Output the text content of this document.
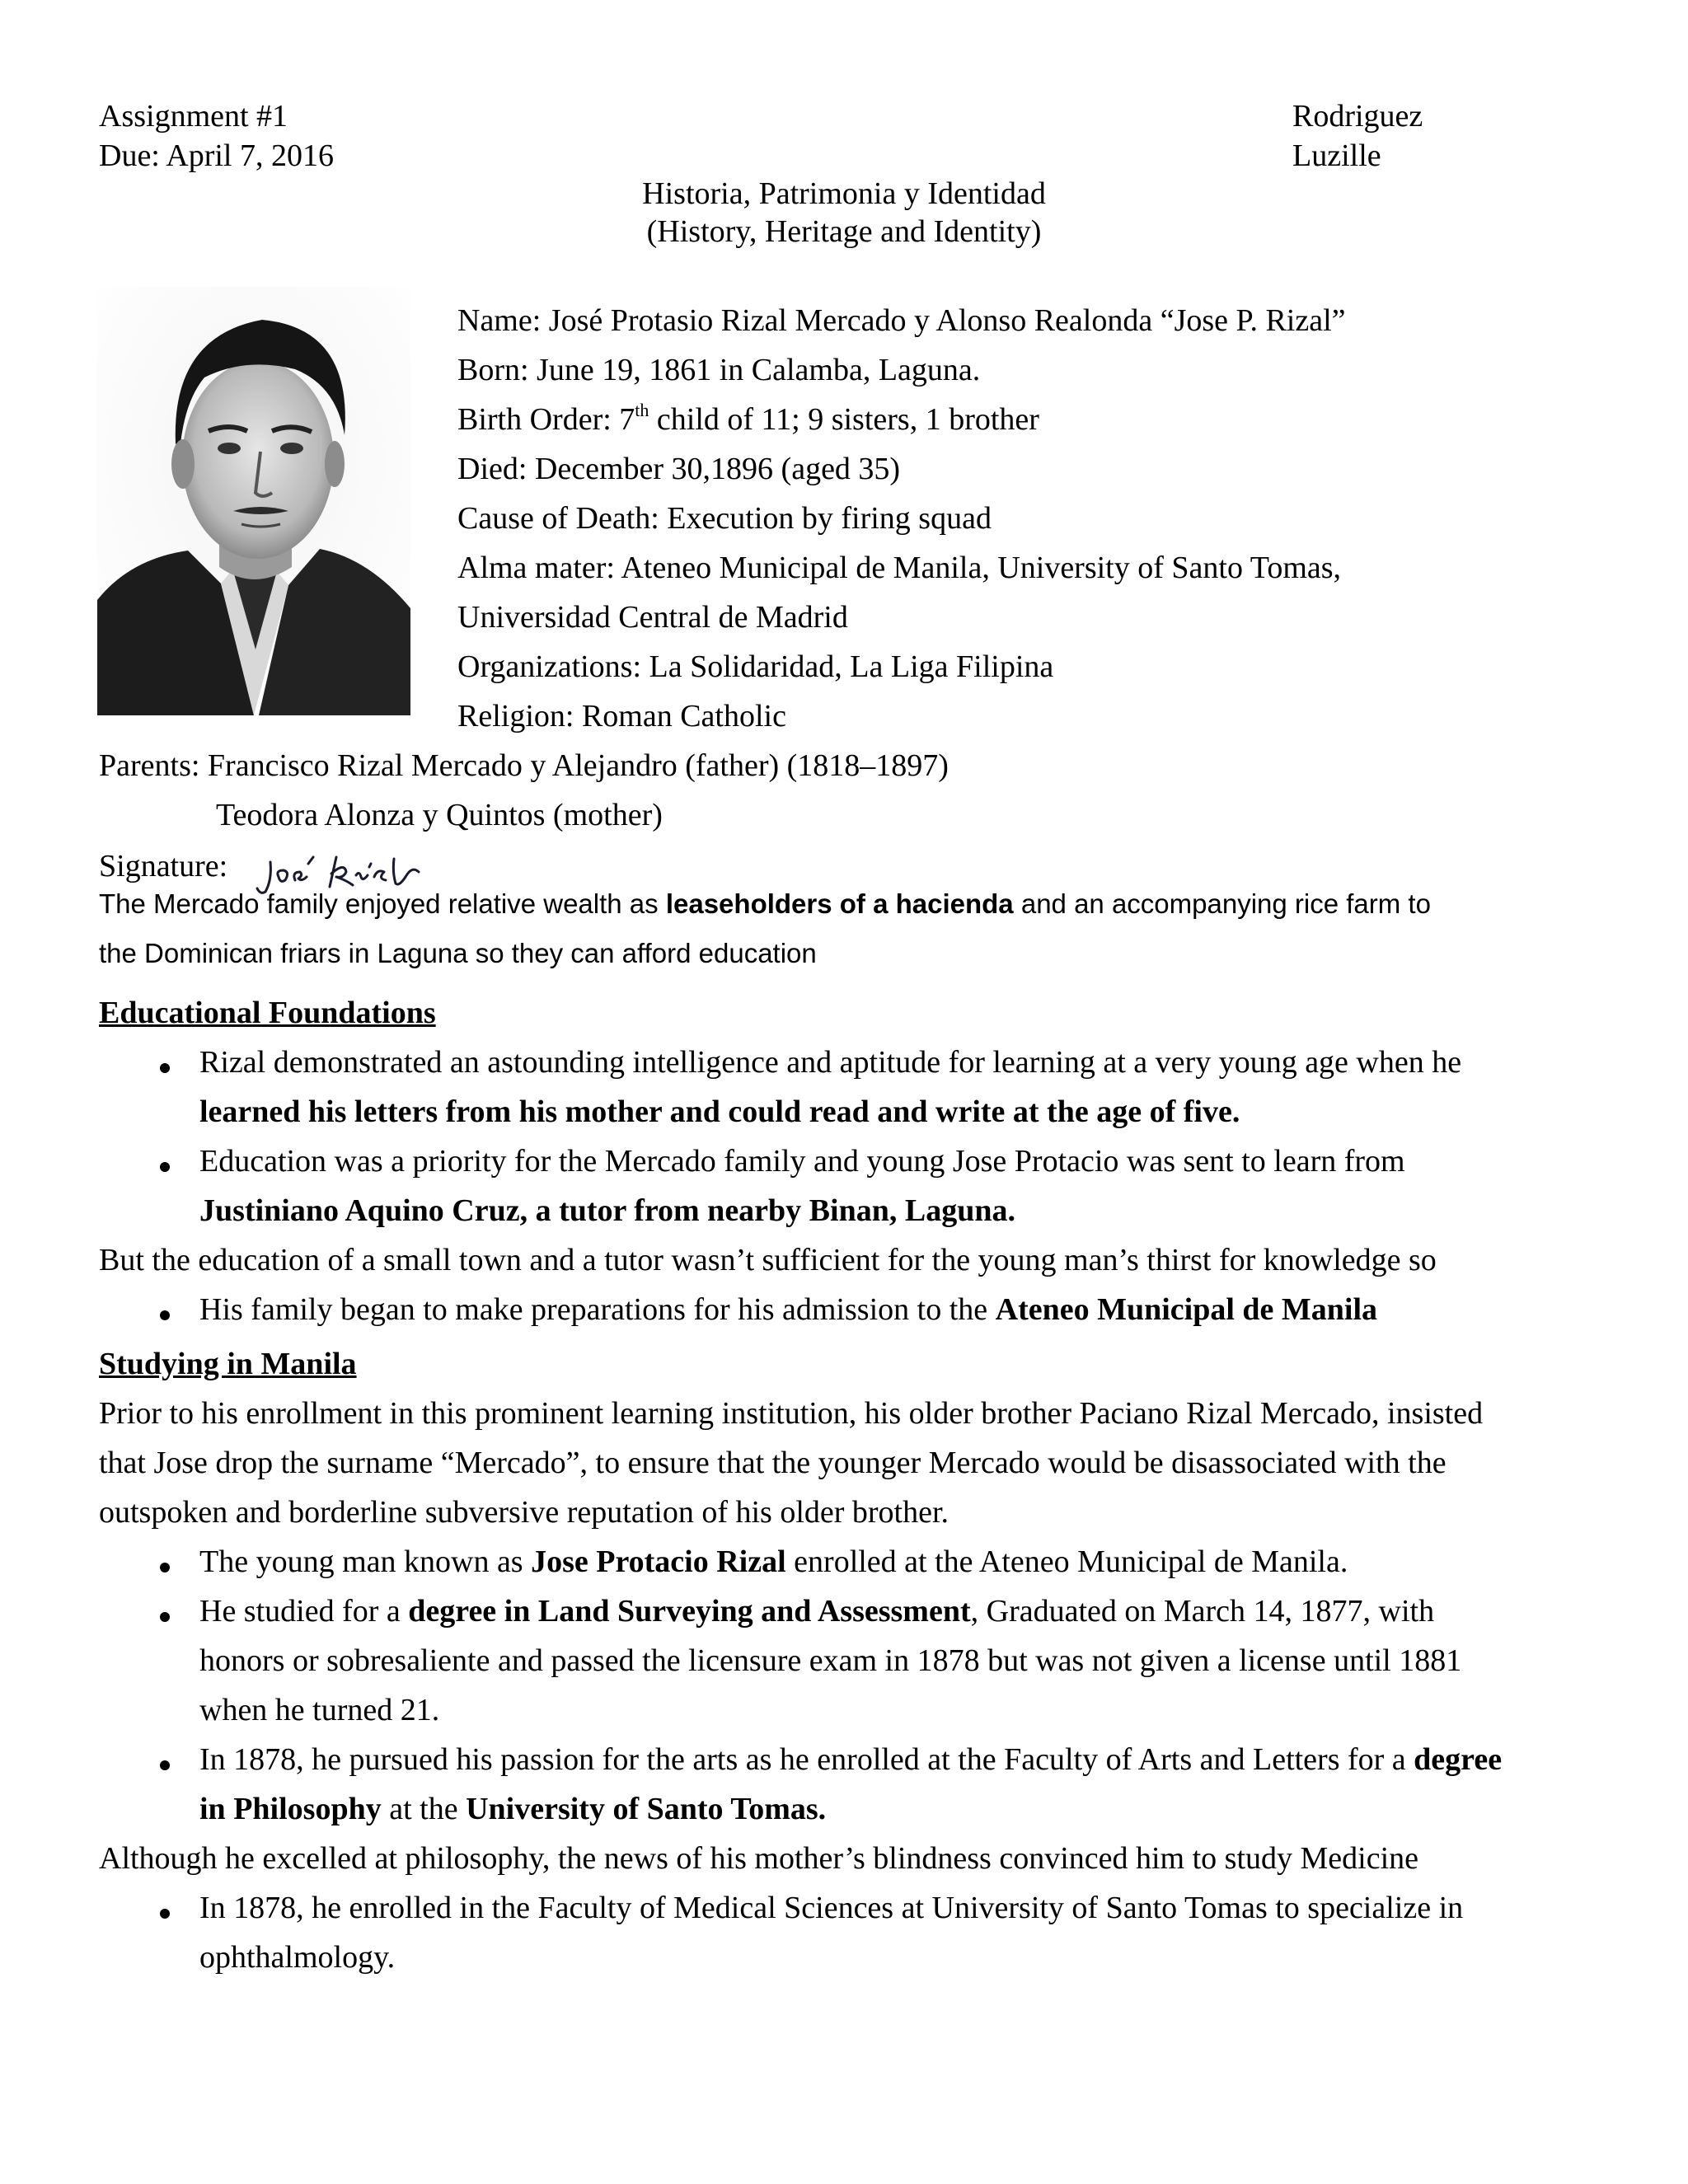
Assignment #1
Due: April 7, 2016
Rodriguez
Luzille
Historia, Patrimonia y Identidad
(History, Heritage and Identity)
Name: José Protasio Rizal Mercado y Alonso Realonda “Jose P. Rizal”
Born: June 19, 1861 in Calamba, Laguna.
Birth Order: 7th child of 11; 9 sisters, 1 brother
Died: December 30,1896 (aged 35)
Cause of Death: Execution by firing squad
Alma mater: Ateneo Municipal de Manila, University of Santo Tomas,
Universidad Central de Madrid
Organizations: La Solidaridad, La Liga Filipina
Religion: Roman Catholic
Parents: Francisco Rizal Mercado y Alejandro (father) (1818–1897)
Teodora Alonza y Quintos (mother)
Signature:
The Mercado family enjoyed relative wealth as leaseholders of a hacienda and an accompanying rice farm to
the Dominican friars in Laguna so they can afford education
Educational Foundations
Rizal demonstrated an astounding intelligence and aptitude for learning at a very young age when he
learned his letters from his mother and could read and write at the age of five.
Education was a priority for the Mercado family and young Jose Protacio was sent to learn from
Justiniano Aquino Cruz, a tutor from nearby Binan, Laguna.
But the education of a small town and a tutor wasn’t sufficient for the young man’s thirst for knowledge so
His family began to make preparations for his admission to the Ateneo Municipal de Manila
Studying in Manila
Prior to his enrollment in this prominent learning institution, his older brother Paciano Rizal Mercado, insisted
that Jose drop the surname “Mercado”, to ensure that the younger Mercado would be disassociated with the
outspoken and borderline subversive reputation of his older brother.
The young man known as Jose Protacio Rizal enrolled at the Ateneo Municipal de Manila.
He studied for a degree in Land Surveying and Assessment, Graduated on March 14, 1877, with
honors or sobresaliente and passed the licensure exam in 1878 but was not given a license until 1881
when he turned 21.
In 1878, he pursued his passion for the arts as he enrolled at the Faculty of Arts and Letters for a degree
in Philosophy at the University of Santo Tomas.
Although he excelled at philosophy, the news of his mother’s blindness convinced him to study Medicine
In 1878, he enrolled in the Faculty of Medical Sciences at University of Santo Tomas to specialize in
ophthalmology.
